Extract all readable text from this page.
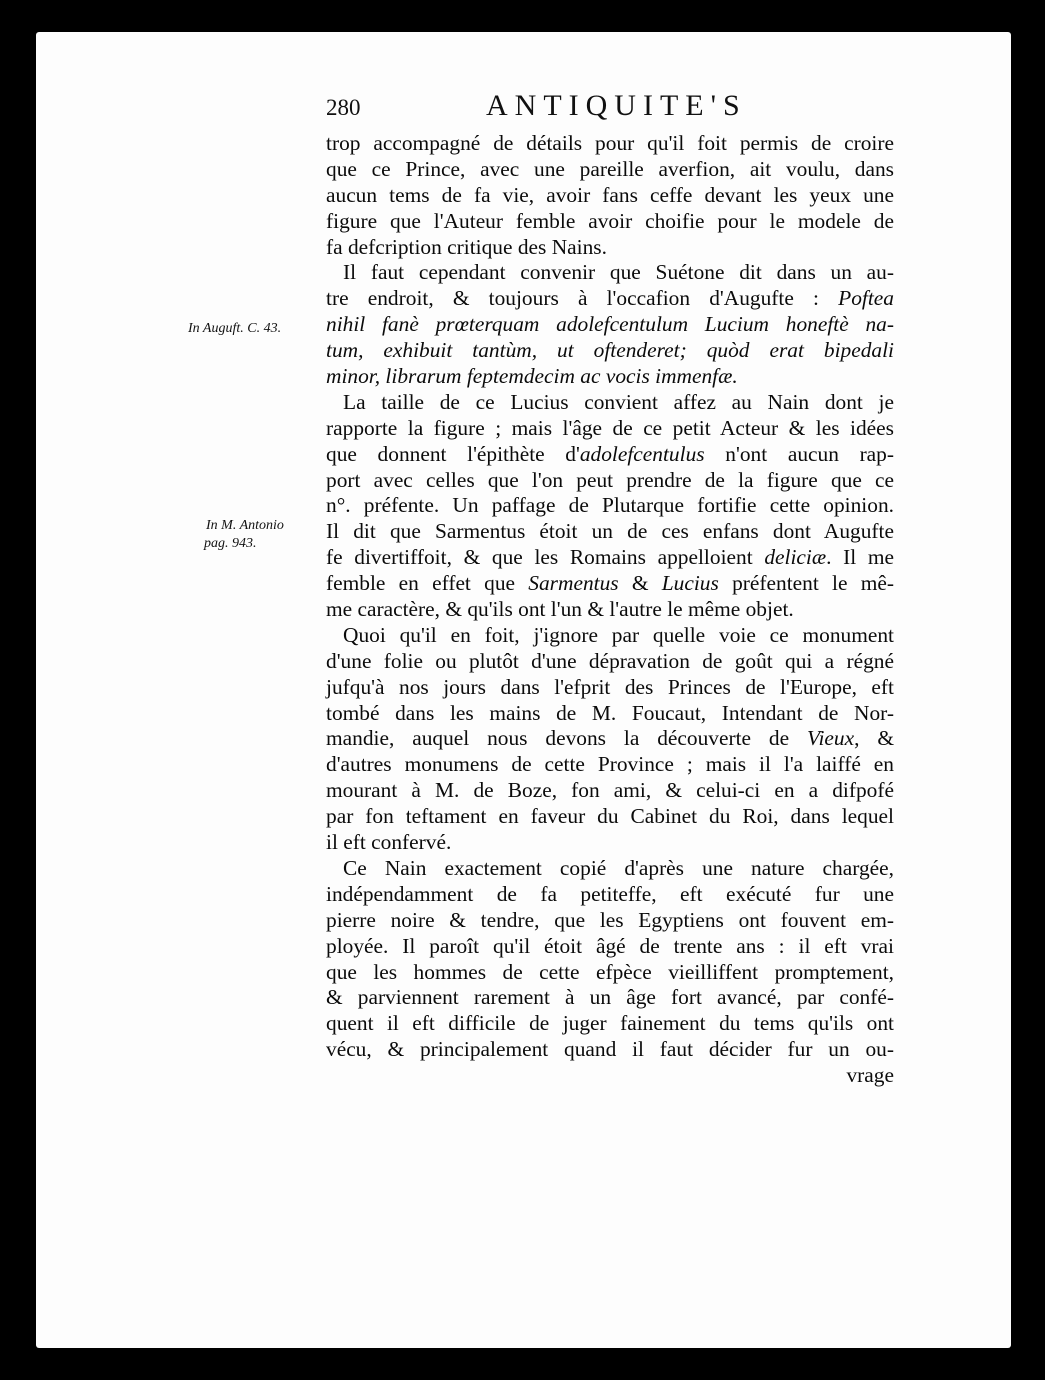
280	ANTIQUITE'S
In Auguft. C. 43.
In M. Antonio
pag. 943.
trop accompagné de détails pour qu'il foit permis de croire
que ce Prince, avec une pareille averfion, ait voulu, dans
aucun tems de fa vie, avoir fans ceffe devant les yeux une
figure que l'Auteur femble avoir choifie pour le modele de
fa defcription critique des Nains.
Il faut cependant convenir que Suétone dit dans un au-
tre endroit, & toujours à l'occafion d'Augufte : Poftea
nihil fanè prœterquam adolefcentulum Lucium honeftè na-
tum, exhibuit tantùm, ut oftenderet; quòd erat bipedali
minor, librarum feptemdecim ac vocis immenfæ.
La taille de ce Lucius convient affez au Nain dont je
rapporte la figure ; mais l'âge de ce petit Acteur & les idées
que donnent l'épithète d'adolefcentulus n'ont aucun rap-
port avec celles que l'on peut prendre de la figure que ce
n°. préfente. Un paffage de Plutarque fortifie cette opinion.
Il dit que Sarmentus étoit un de ces enfans dont Augufte
fe divertiffoit, & que les Romains appelloient deliciæ. Il me
femble en effet que Sarmentus & Lucius préfentent le mê-
me caractère, & qu'ils ont l'un & l'autre le même objet.
Quoi qu'il en foit, j'ignore par quelle voie ce monument
d'une folie ou plutôt d'une dépravation de goût qui a régné
jufqu'à nos jours dans l'efprit des Princes de l'Europe, eft
tombé dans les mains de M. Foucaut, Intendant de Nor-
mandie, auquel nous devons la découverte de Vieux, &
d'autres monumens de cette Province ; mais il l'a laiffé en
mourant à M. de Boze, fon ami, & celui-ci en a difpofé
par fon teftament en faveur du Cabinet du Roi, dans lequel
il eft confervé.
Ce Nain exactement copié d'après une nature chargée,
indépendamment de fa petiteffe, eft exécuté fur une
pierre noire & tendre, que les Egyptiens ont fouvent em-
ployée. Il paroît qu'il étoit âgé de trente ans : il eft vrai
que les hommes de cette efpèce vieilliffent promptement,
& parviennent rarement à un âge fort avancé, par confé-
quent il eft difficile de juger fainement du tems qu'ils ont
vécu, & principalement quand il faut décider fur un ou-
vrage
